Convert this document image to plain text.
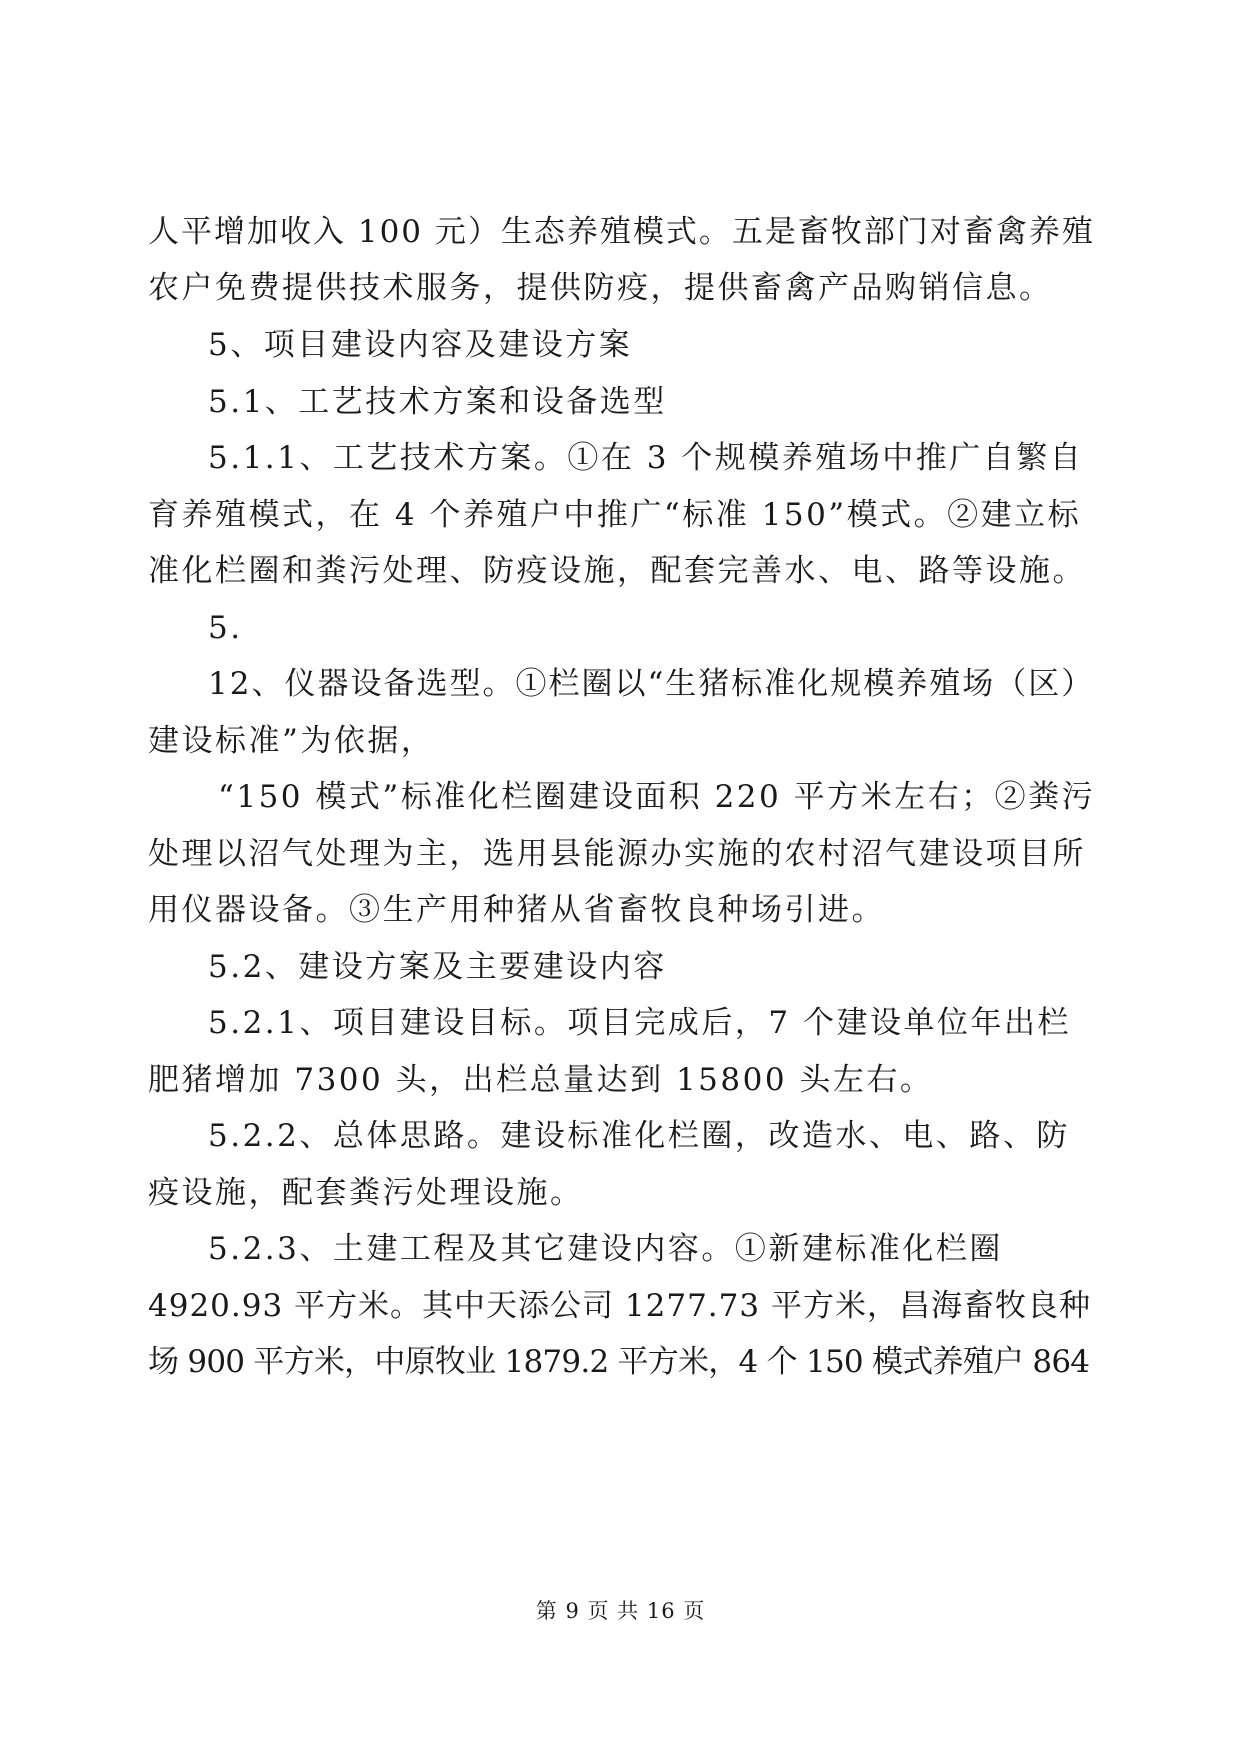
人平增加收入 100 元）生态养殖模式。五是畜牧部门对畜禽养殖
农户免费提供技术服务，提供防疫，提供畜禽产品购销信息。
5、项目建设内容及建设方案
5.1、工艺技术方案和设备选型
5.1.1、工艺技术方案。①在 3 个规模养殖场中推广自繁自
育养殖模式，在 4 个养殖户中推广“标准 150”模式。②建立标
准化栏圈和粪污处理、防疫设施，配套完善水、电、路等设施。
5.
12、仪器设备选型。①栏圈以“生猪标准化规模养殖场（区）
建设标准”为依据，
“150 模式”标准化栏圈建设面积 220 平方米左右；②粪污
处理以沼气处理为主，选用县能源办实施的农村沼气建设项目所
用仪器设备。③生产用种猪从省畜牧良种场引进。
5.2、建设方案及主要建设内容
5.2.1、项目建设目标。项目完成后，7 个建设单位年出栏
肥猪增加 7300 头，出栏总量达到 15800 头左右。
5.2.2、总体思路。建设标准化栏圈，改造水、电、路、防
疫设施，配套粪污处理设施。
5.2.3、土建工程及其它建设内容。①新建标准化栏圈
4920.93 平方米。其中天添公司 1277.73 平方米，昌海畜牧良种
场 900 平方米，中原牧业 1879.2 平方米，4 个 150 模式养殖户 864
第 9 页 共 16 页
